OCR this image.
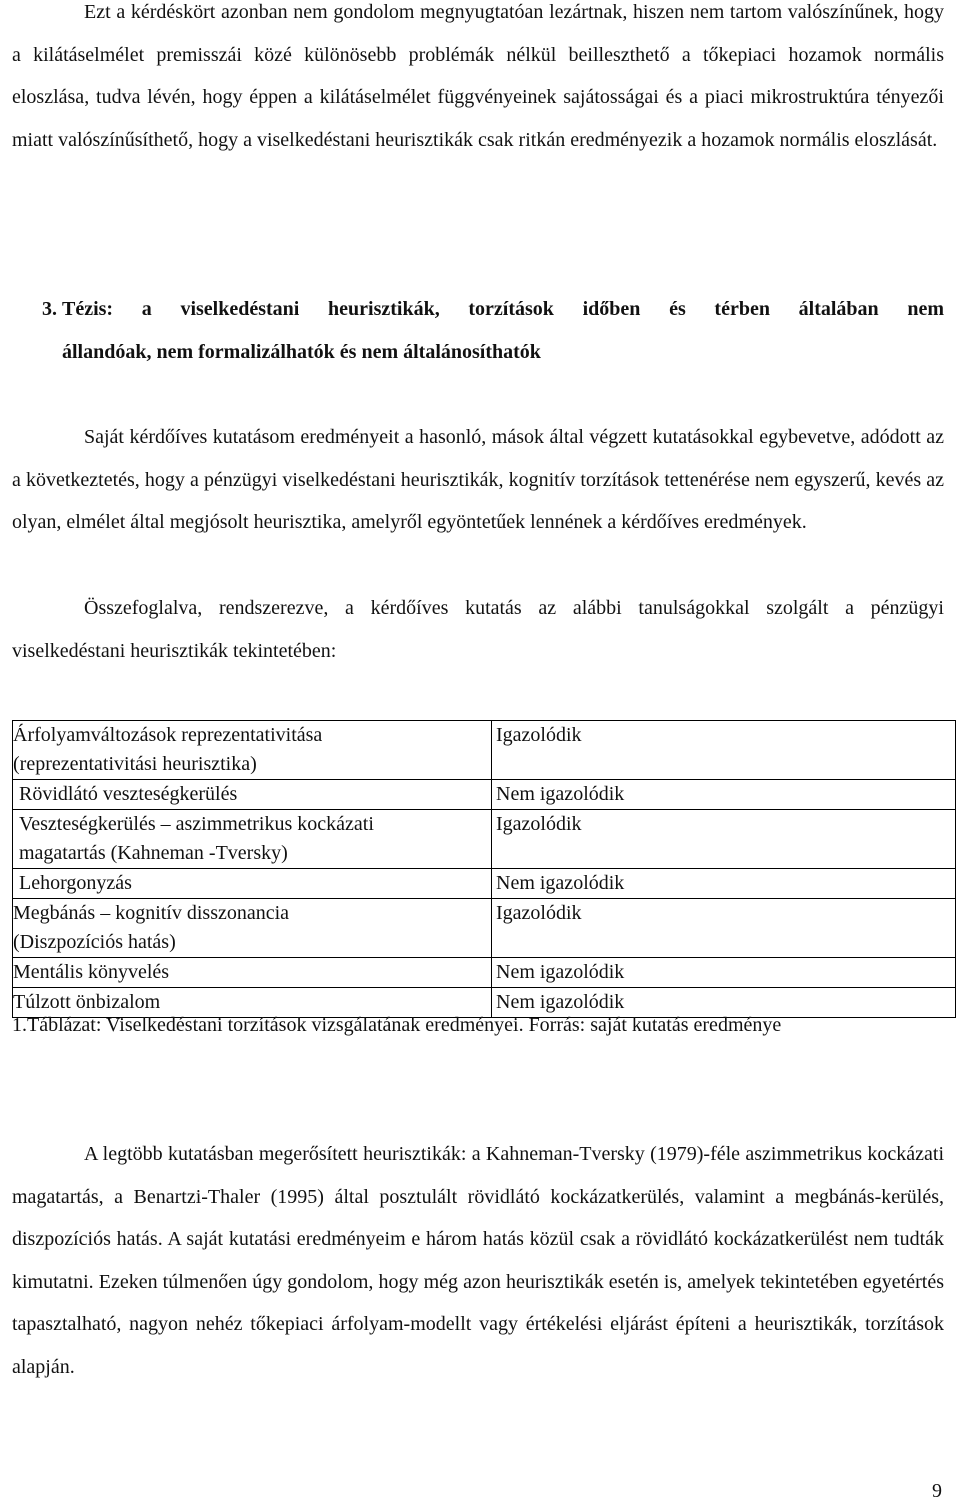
Ezt a kérdéskört azonban nem gondolom megnyugtatóan lezártnak, hiszen nem tartom valószínűnek, hogy a kilátáselmélet premisszái közé különösebb problémák nélkül beilleszthető a tőkepiaci hozamok normális eloszlása, tudva lévén, hogy éppen a kilátáselmélet függvényeinek sajátosságai és a piaci mikrostruktúra tényezői miatt valószínűsíthető, hogy a viselkedéstani heurisztikák csak ritkán eredményezik a hozamok normális eloszlását.

3. Tézis: a viselkedéstani heurisztikák, torzítások időben és térben általában nem
állandóak, nem formalizálhatók és nem általánosíthatók

Saját kérdőíves kutatásom eredményeit a hasonló, mások által végzett kutatásokkal egybevetve, adódott az a következtetés, hogy a pénzügyi viselkedéstani heurisztikák, kognitív torzítások tettenérése nem egyszerű, kevés az olyan, elmélet által megjósolt heurisztika, amelyről egyöntetűek lennének a kérdőíves eredmények.

Összefoglalva, rendszerezve, a kérdőíves kutatás az alábbi tanulságokkal szolgált a pénzügyi viselkedéstani heurisztikák tekintetében:

Árfolyamváltozások reprezentativitása
(reprezentativitási heurisztika)	Igazolódik

Rövidlátó veszteségkerülés	Nem igazolódik

Veszteségkerülés – aszimmetrikus kockázati
magatartás (Kahneman -Tversky)	Igazolódik

Lehorgonyzás	Nem igazolódik

Megbánás – kognitív disszonancia
(Diszpozíciós hatás)	Igazolódik

Mentális könyvelés	Nem igazolódik

Túlzott önbizalom	Nem igazolódik

1.Táblázat: Viselkedéstani torzítások vizsgálatának eredményei. Forrás: saját kutatás eredménye

A legtöbb kutatásban megerősített heurisztikák: a Kahneman-Tversky (1979)-féle aszimmetrikus kockázati magatartás, a Benartzi-Thaler (1995) által posztulált rövidlátó kockázatkerülés, valamint a megbánás-kerülés, diszpozíciós hatás. A saját kutatási eredményeim e három hatás közül csak a rövidlátó kockázatkerülést nem tudták kimutatni. Ezeken túlmenően úgy gondolom, hogy még azon heurisztikák esetén is, amelyek tekintetében egyetértés tapasztalható, nagyon nehéz tőkepiaci árfolyam-modellt vagy értékelési eljárást építeni a heurisztikák, torzítások alapján.

9
